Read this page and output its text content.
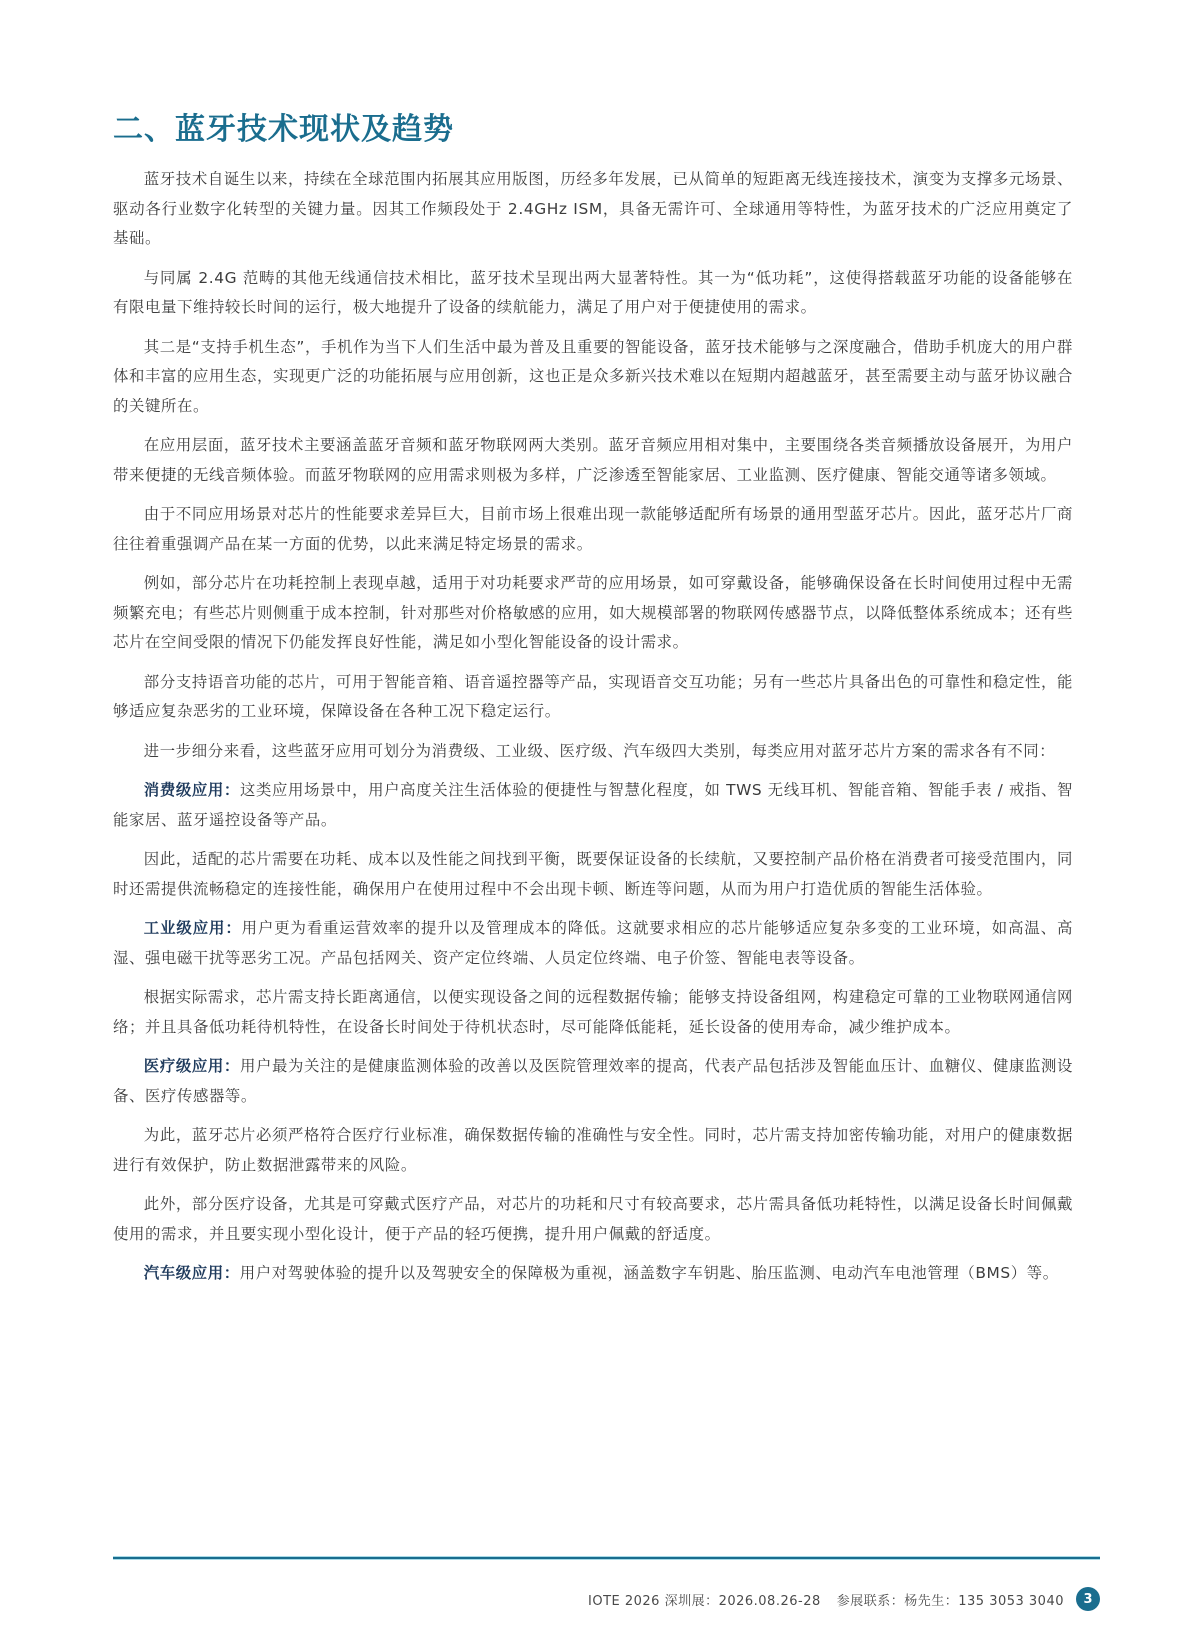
二、蓝牙技术现状及趋势

蓝牙技术自诞生以来，持续在全球范围内拓展其应用版图，历经多年发展，已从简单的短距离无线连接技术，演变为支撑多元场景、驱动各行业数字化转型的关键力量。因其工作频段处于 2.4GHz ISM，具备无需许可、全球通用等特性，为蓝牙技术的广泛应用奠定了基础。

与同属 2.4G 范畴的其他无线通信技术相比，蓝牙技术呈现出两大显著特性。其一为“低功耗”，这使得搭载蓝牙功能的设备能够在有限电量下维持较长时间的运行，极大地提升了设备的续航能力，满足了用户对于便捷使用的需求。

其二是“支持手机生态”，手机作为当下人们生活中最为普及且重要的智能设备，蓝牙技术能够与之深度融合，借助手机庞大的用户群体和丰富的应用生态，实现更广泛的功能拓展与应用创新，这也正是众多新兴技术难以在短期内超越蓝牙，甚至需要主动与蓝牙协议融合的关键所在。

在应用层面，蓝牙技术主要涵盖蓝牙音频和蓝牙物联网两大类别。蓝牙音频应用相对集中，主要围绕各类音频播放设备展开，为用户带来便捷的无线音频体验。而蓝牙物联网的应用需求则极为多样，广泛渗透至智能家居、工业监测、医疗健康、智能交通等诸多领域。

由于不同应用场景对芯片的性能要求差异巨大，目前市场上很难出现一款能够适配所有场景的通用型蓝牙芯片。因此，蓝牙芯片厂商往往着重强调产品在某一方面的优势，以此来满足特定场景的需求。

例如，部分芯片在功耗控制上表现卓越，适用于对功耗要求严苛的应用场景，如可穿戴设备，能够确保设备在长时间使用过程中无需频繁充电；有些芯片则侧重于成本控制，针对那些对价格敏感的应用，如大规模部署的物联网传感器节点，以降低整体系统成本；还有些芯片在空间受限的情况下仍能发挥良好性能，满足如小型化智能设备的设计需求。

部分支持语音功能的芯片，可用于智能音箱、语音遥控器等产品，实现语音交互功能；另有一些芯片具备出色的可靠性和稳定性，能够适应复杂恶劣的工业环境，保障设备在各种工况下稳定运行。

进一步细分来看，这些蓝牙应用可划分为消费级、工业级、医疗级、汽车级四大类别，每类应用对蓝牙芯片方案的需求各有不同：

消费级应用：这类应用场景中，用户高度关注生活体验的便捷性与智慧化程度，如 TWS 无线耳机、智能音箱、智能手表 / 戒指、智能家居、蓝牙遥控设备等产品。

因此，适配的芯片需要在功耗、成本以及性能之间找到平衡，既要保证设备的长续航，又要控制产品价格在消费者可接受范围内，同时还需提供流畅稳定的连接性能，确保用户在使用过程中不会出现卡顿、断连等问题，从而为用户打造优质的智能生活体验。

工业级应用：用户更为看重运营效率的提升以及管理成本的降低。这就要求相应的芯片能够适应复杂多变的工业环境，如高温、高湿、强电磁干扰等恶劣工况。产品包括网关、资产定位终端、人员定位终端、电子价签、智能电表等设备。

根据实际需求，芯片需支持长距离通信，以便实现设备之间的远程数据传输；能够支持设备组网，构建稳定可靠的工业物联网通信网络；并且具备低功耗待机特性，在设备长时间处于待机状态时，尽可能降低能耗，延长设备的使用寿命，减少维护成本。

医疗级应用：用户最为关注的是健康监测体验的改善以及医院管理效率的提高，代表产品包括涉及智能血压计、血糖仪、健康监测设备、医疗传感器等。

为此，蓝牙芯片必须严格符合医疗行业标准，确保数据传输的准确性与安全性。同时，芯片需支持加密传输功能，对用户的健康数据进行有效保护，防止数据泄露带来的风险。

此外，部分医疗设备，尤其是可穿戴式医疗产品，对芯片的功耗和尺寸有较高要求，芯片需具备低功耗特性，以满足设备长时间佩戴使用的需求，并且要实现小型化设计，便于产品的轻巧便携，提升用户佩戴的舒适度。

汽车级应用：用户对驾驶体验的提升以及驾驶安全的保障极为重视，涵盖数字车钥匙、胎压监测、电动汽车电池管理（BMS）等。

IOTE 2026 深圳展：2026.08.26-28 参展联系：杨先生：135 3053 3040	3
